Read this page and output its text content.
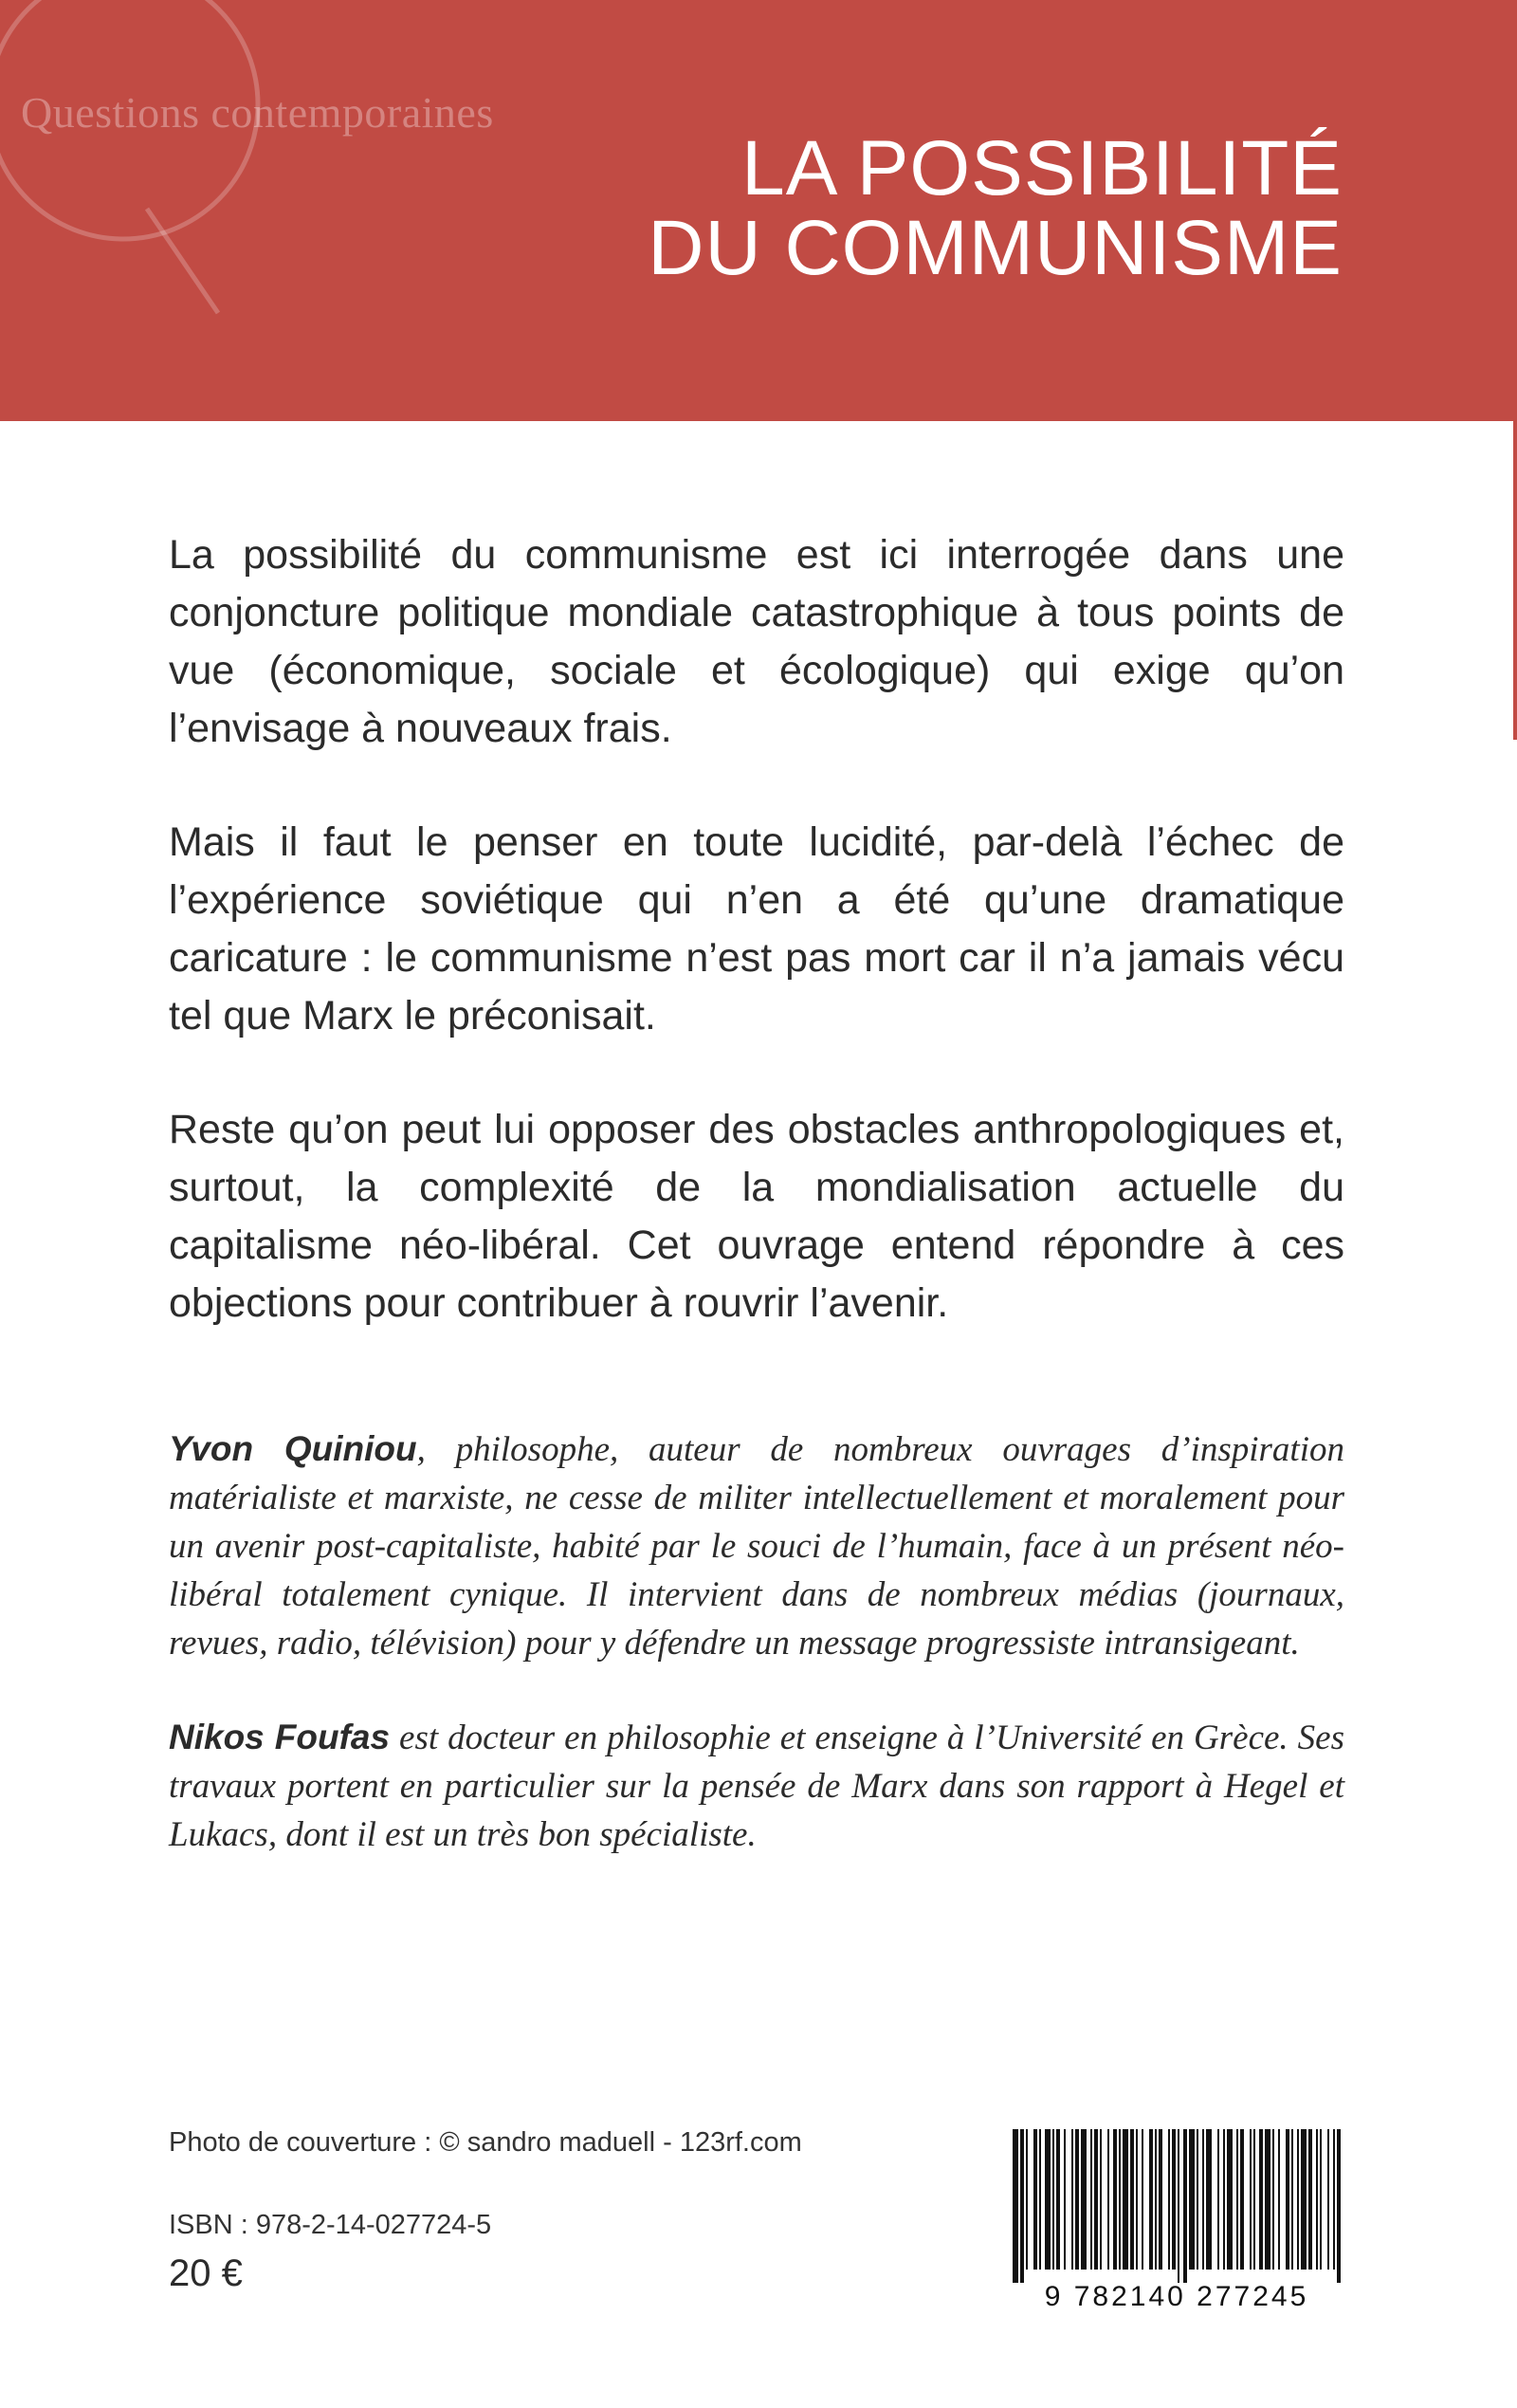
Questions contemporaines
LA POSSIBILITÉ
DU COMMUNISME

La possibilité du communisme est ici interrogée dans une conjoncture politique mondiale catastrophique à tous points de vue (économique, sociale et écologique) qui exige qu’on l’envisage à nouveaux frais.

Mais il faut le penser en toute lucidité, par-delà l’échec de l’expérience soviétique qui n’en a été qu’une dramatique caricature : le communisme n’est pas mort car il n’a jamais vécu tel que Marx le préconisait.

Reste qu’on peut lui opposer des obstacles anthropologiques et, surtout, la complexité de la mondialisation actuelle du capitalisme néo-libéral. Cet ouvrage entend répondre à ces objections pour contribuer à rouvrir l’avenir.

Yvon Quiniou, philosophe, auteur de nombreux ouvrages d’inspiration matérialiste et marxiste, ne cesse de militer intellectuellement et moralement pour un avenir post-capitaliste, habité par le souci de l’humain, face à un présent néo-libéral totalement cynique. Il intervient dans de nombreux médias (journaux, revues, radio, télévision) pour y défendre un message progressiste intransigeant.

Nikos Foufas est docteur en philosophie et enseigne à l’Université en Grèce. Ses travaux portent en particulier sur la pensée de Marx dans son rapport à Hegel et Lukacs, dont il est un très bon spécialiste.

Photo de couverture : © sandro maduell - 123rf.com
ISBN : 978-2-14-027724-5
20 €
9 782140 277245
